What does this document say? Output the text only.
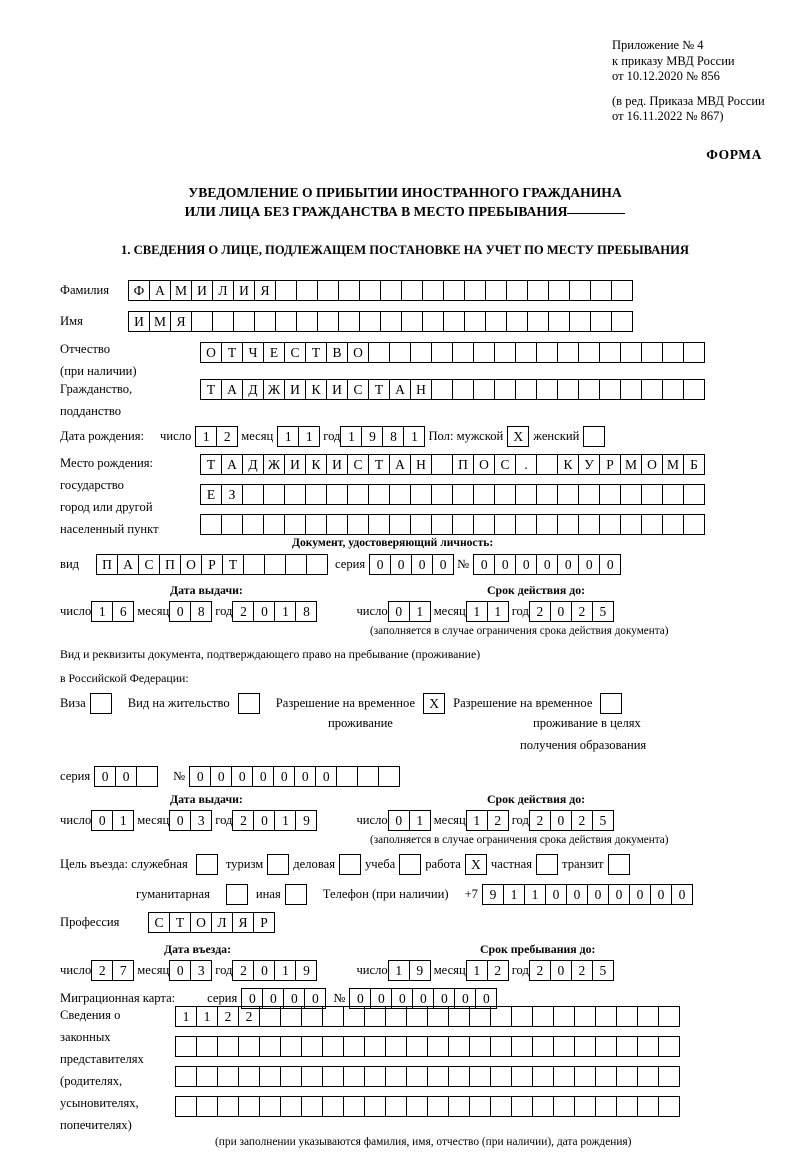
Приложение № 4
к приказу МВД России
от 10.12.2020 № 856
(в ред. Приказа МВД России
от 16.11.2022 № 867)
ФОРМА
УВЕДОМЛЕНИЕ О ПРИБЫТИИ ИНОСТРАННОГО ГРАЖДАНИНА
ИЛИ ЛИЦА БЕЗ ГРАЖДАНСТВА В МЕСТО ПРЕБЫВАНИЯ
1. СВЕДЕНИЯ О ЛИЦЕ, ПОДЛЕЖАЩЕМ ПОСТАНОВКЕ НА УЧЕТ ПО МЕСТУ ПРЕБЫВАНИЯ
Фамилия	Ф А М И Л И Я
Имя	И М Я
Отчество	О Т Ч Е С Т В О
(при наличии)
Гражданство,
подданство
Т А Д Ж И К И С Т А Н
Дата рождения: число 1	2 месяц 1	1 год 1	9	8	1 Пол: мужской Х женский
Место рождения:
государство
город или другой
населенный пункт
Т А Д Ж И К И С Т А Н	П О С	.	К У Р М О М Б
Е З
Документ, удостоверяющий личность:
вид	П А С П О Р Т	серия 0	0	0	0 № 0	0	0	0	0	0	0
Дата выдачи:	Срок действия до:
число 1	6 месяц 0	8 год 2	0	1	8	число 0	1 месяц 1	1 год 2	0	2	5
(заполняется в случае ограничения срока действия документа)
Вид и реквизиты документа, подтверждающего право на пребывание (проживание)
в Российской Федерации:
Виза	Вид на жительство	Разрешение на временное	Х	Разрешение на временное
проживание	проживание в целях
получения образования
серия 0	0	№ 0	0	0	0	0	0	0
Дата выдачи:	Срок действия до:
число 0	1 месяц 0	3 год 2	0	1	9	число 0	1 месяц 1	2 год 2	0	2	5
(заполняется в случае ограничения срока действия документа)
Цель въезда: служебная	туризм деловая учеба работа Х частная транзит
гуманитарная	иная	Телефон (при наличии) +7 9	1	1	0	0	0	0	0	0	0
Профессия	С Т О Л Я Р
Дата въезда:	Срок пребывания до:
число 2	7 месяц 0	3 год 2	0	1	9	число 1	9 месяц 1	2 год 2	0	2	5
Миграционная карта:	серия 0	0	0	0	№ 0	0	0	0	0	0	0
Сведения о
законных
представителях
(родителях,
усыновителях,
попечителях)
1	1	2	2
(при заполнении указываются фамилия, имя, отчество (при наличии), дата рождения)
